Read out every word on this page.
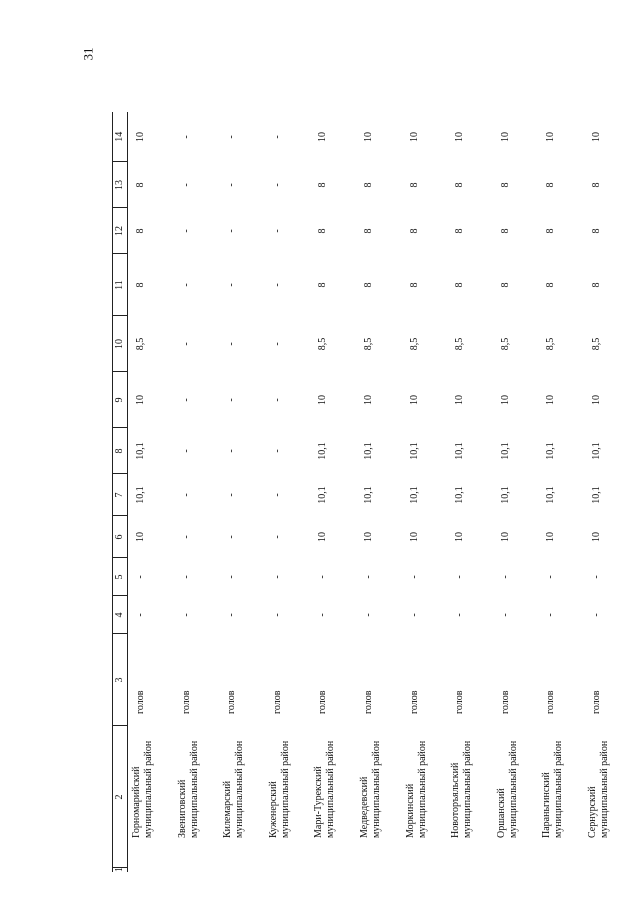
31
1	2	3	4	5	6	7	8	9	10	11	12	13	14
	Горномарийский муниципальный район	голов	-	-	10	10,1	10,1	10	8,5	8	8	8	10
	Звениговский муниципальный район	голов	-	-	-	-	-	-	-	-	-	-	-
	Килемарский муниципальный район	голов	-	-	-	-	-	-	-	-	-	-	-
	Куженерский муниципальный район	голов	-	-	-	-	-	-	-	-	-	-	-
	Мари-Турекский муниципальный район	голов	-	-	10	10,1	10,1	10	8,5	8	8	8	10
	Медведевский муниципальный район	голов	-	-	10	10,1	10,1	10	8,5	8	8	8	10
	Моркинский муниципальный район	голов	-	-	10	10,1	10,1	10	8,5	8	8	8	10
	Новоторъяльский муниципальный район	голов	-	-	10	10,1	10,1	10	8,5	8	8	8	10
	Оршанский муниципальный район	голов	-	-	10	10,1	10,1	10	8,5	8	8	8	10
	Параньгинский муниципальный район	голов	-	-	10	10,1	10,1	10	8,5	8	8	8	10
	Сернурский муниципальный район	голов	-	-	10	10,1	10,1	10	8,5	8	8	8	10
